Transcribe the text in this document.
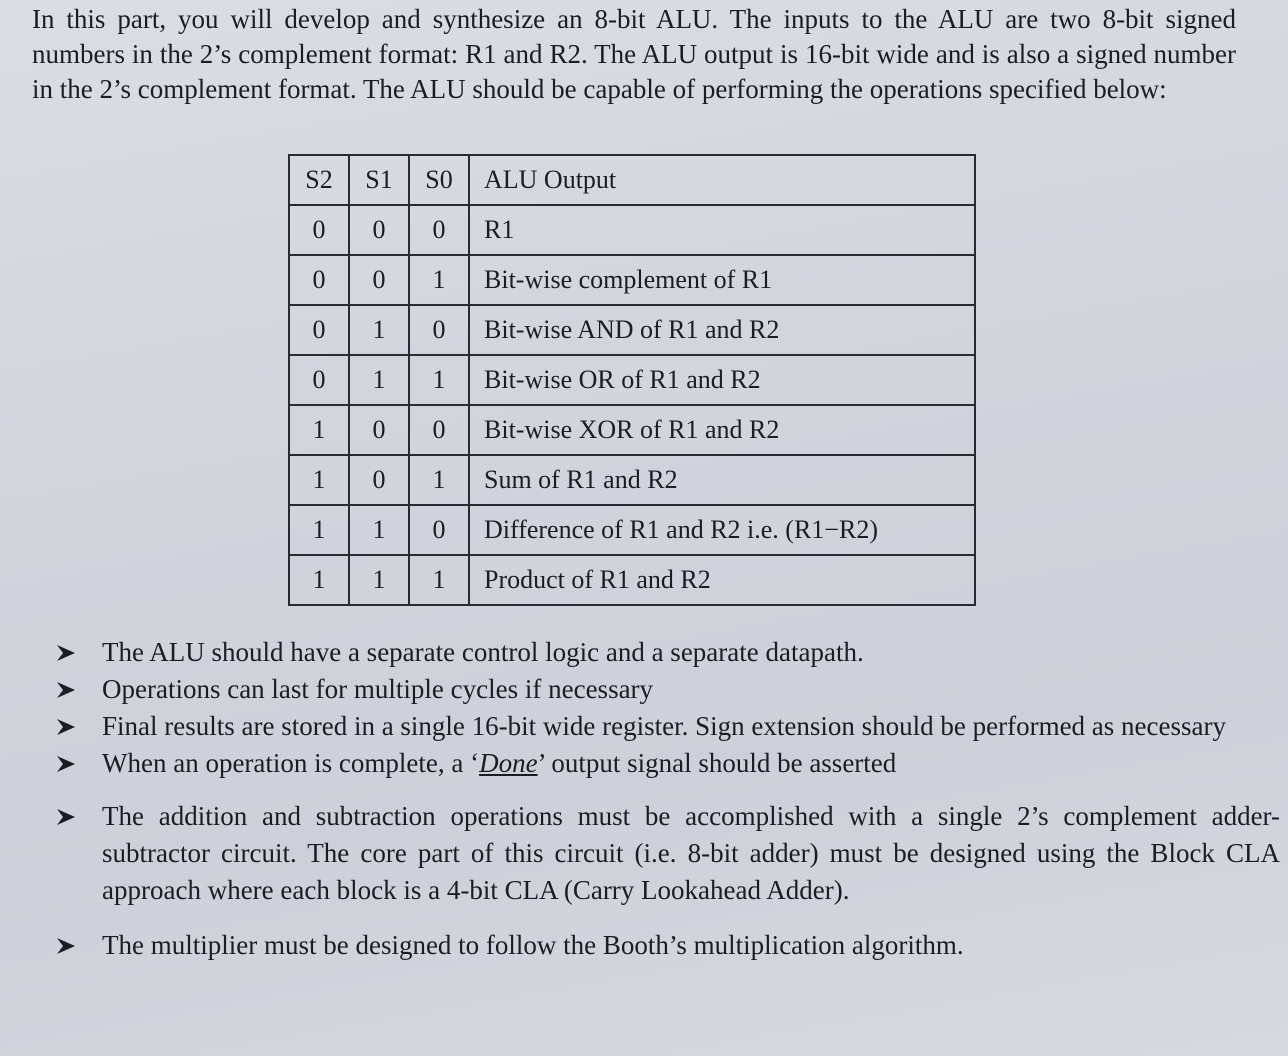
In this part, you will develop and synthesize an 8-bit ALU. The inputs to the ALU are two 8-bit signed numbers in the 2’s complement format: R1 and R2. The ALU output is 16-bit wide and is also a signed number in the 2’s complement format. The ALU should be capable of performing the operations specified below:

S2	S1	S0	ALU Output
0	0	0	R1
0	0	1	Bit-wise complement of R1
0	1	0	Bit-wise AND of R1 and R2
0	1	1	Bit-wise OR of R1 and R2
1	0	0	Bit-wise XOR of R1 and R2
1	0	1	Sum of R1 and R2
1	1	0	Difference of R1 and R2 i.e. (R1−R2)
1	1	1	Product of R1 and R2
The ALU should have a separate control logic and a separate datapath.
Operations can last for multiple cycles if necessary
Final results are stored in a single 16-bit wide register. Sign extension should be performed as necessary
When an operation is complete, a ‘Done’ output signal should be asserted
The addition and subtraction operations must be accomplished with a single 2’s complement adder-subtractor circuit. The core part of this circuit (i.e. 8-bit adder) must be designed using the Block CLA approach where each block is a 4-bit CLA (Carry Lookahead Adder).
The multiplier must be designed to follow the Booth’s multiplication algorithm.
